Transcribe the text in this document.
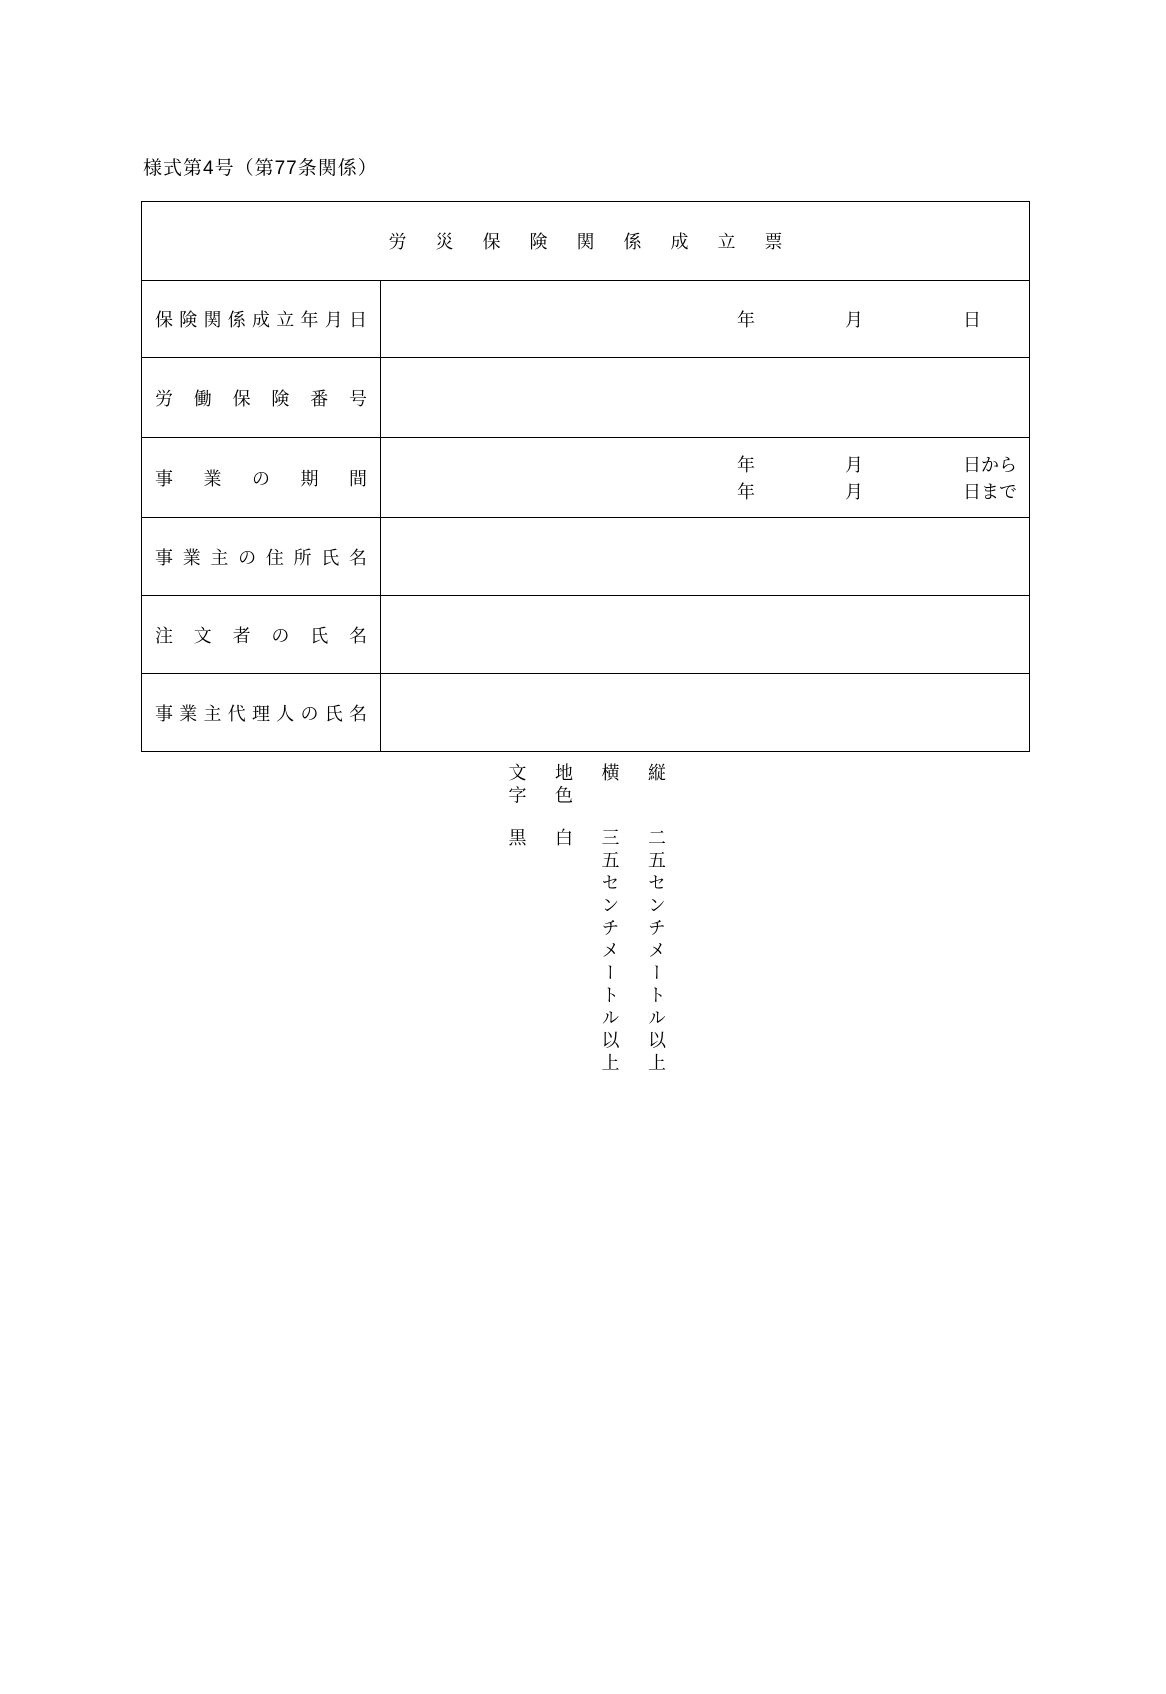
様式第4号（第77条関係）
労災保険関係成立票
保 険 関 係 成 立 年 月 日	年	月	日
労 働 保 険 番 号
事 業 の 期 間
年	月	日から
年	月	日まで
事 業 主 の 住 所 氏 名
注 文 者 の 氏 名
事 業 主 代 理 人 の 氏 名
縦二五センチメートル以上
横三五センチメートル以上
地色白
文字黒
